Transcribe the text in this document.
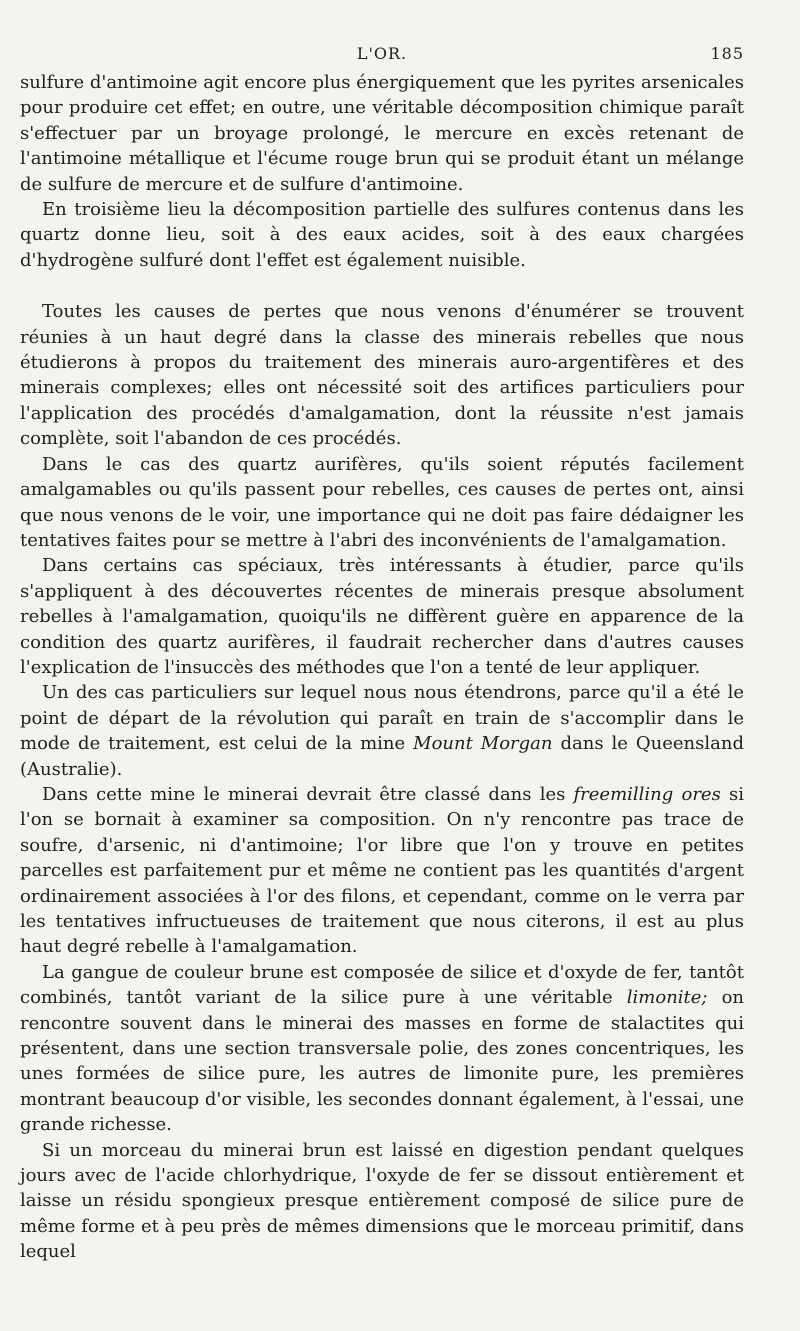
L'OR.	185

sulfure d'antimoine agit encore plus énergiquement que les pyrites arsenicales pour produire cet effet; en outre, une véritable décomposition chimique paraît s'effectuer par un broyage prolongé, le mercure en excès retenant de l'antimoine métallique et l'écume rouge brun qui se produit étant un mélange de sulfure de mercure et de sulfure d'antimoine.

En troisième lieu la décomposition partielle des sulfures contenus dans les quartz donne lieu, soit à des eaux acides, soit à des eaux chargées d'hydrogène sulfuré dont l'effet est également nuisible.

Toutes les causes de pertes que nous venons d'énumérer se trouvent réunies à un haut degré dans la classe des minerais rebelles que nous étudierons à propos du traitement des minerais auro-argentifères et des minerais complexes; elles ont nécessité soit des artifices particuliers pour l'application des procédés d'amalgamation, dont la réussite n'est jamais complète, soit l'abandon de ces procédés.

Dans le cas des quartz aurifères, qu'ils soient réputés facilement amalgamables ou qu'ils passent pour rebelles, ces causes de pertes ont, ainsi que nous venons de le voir, une importance qui ne doit pas faire dédaigner les tentatives faites pour se mettre à l'abri des inconvénients de l'amalgamation.

Dans certains cas spéciaux, très intéressants à étudier, parce qu'ils s'appliquent à des découvertes récentes de minerais presque absolument rebelles à l'amalgamation, quoiqu'ils ne diffèrent guère en apparence de la condition des quartz aurifères, il faudrait rechercher dans d'autres causes l'explication de l'insuccès des méthodes que l'on a tenté de leur appliquer.

Un des cas particuliers sur lequel nous nous étendrons, parce qu'il a été le point de départ de la révolution qui paraît en train de s'accomplir dans le mode de traitement, est celui de la mine Mount Morgan dans le Queensland (Australie).

Dans cette mine le minerai devrait être classé dans les freemilling ores si l'on se bornait à examiner sa composition. On n'y rencontre pas trace de soufre, d'arsenic, ni d'antimoine; l'or libre que l'on y trouve en petites parcelles est parfaitement pur et même ne contient pas les quantités d'argent ordinairement associées à l'or des filons, et cependant, comme on le verra par les tentatives infructueuses de traitement que nous citerons, il est au plus haut degré rebelle à l'amalgamation.

La gangue de couleur brune est composée de silice et d'oxyde de fer, tantôt combinés, tantôt variant de la silice pure à une véritable limonite; on rencontre souvent dans le minerai des masses en forme de stalactites qui présentent, dans une section transversale polie, des zones concentriques, les unes formées de silice pure, les autres de limonite pure, les premières montrant beaucoup d'or visible, les secondes donnant également, à l'essai, une grande richesse.

Si un morceau du minerai brun est laissé en digestion pendant quelques jours avec de l'acide chlorhydrique, l'oxyde de fer se dissout entièrement et laisse un résidu spongieux presque entièrement composé de silice pure de même forme et à peu près de mêmes dimensions que le morceau primitif, dans lequel
